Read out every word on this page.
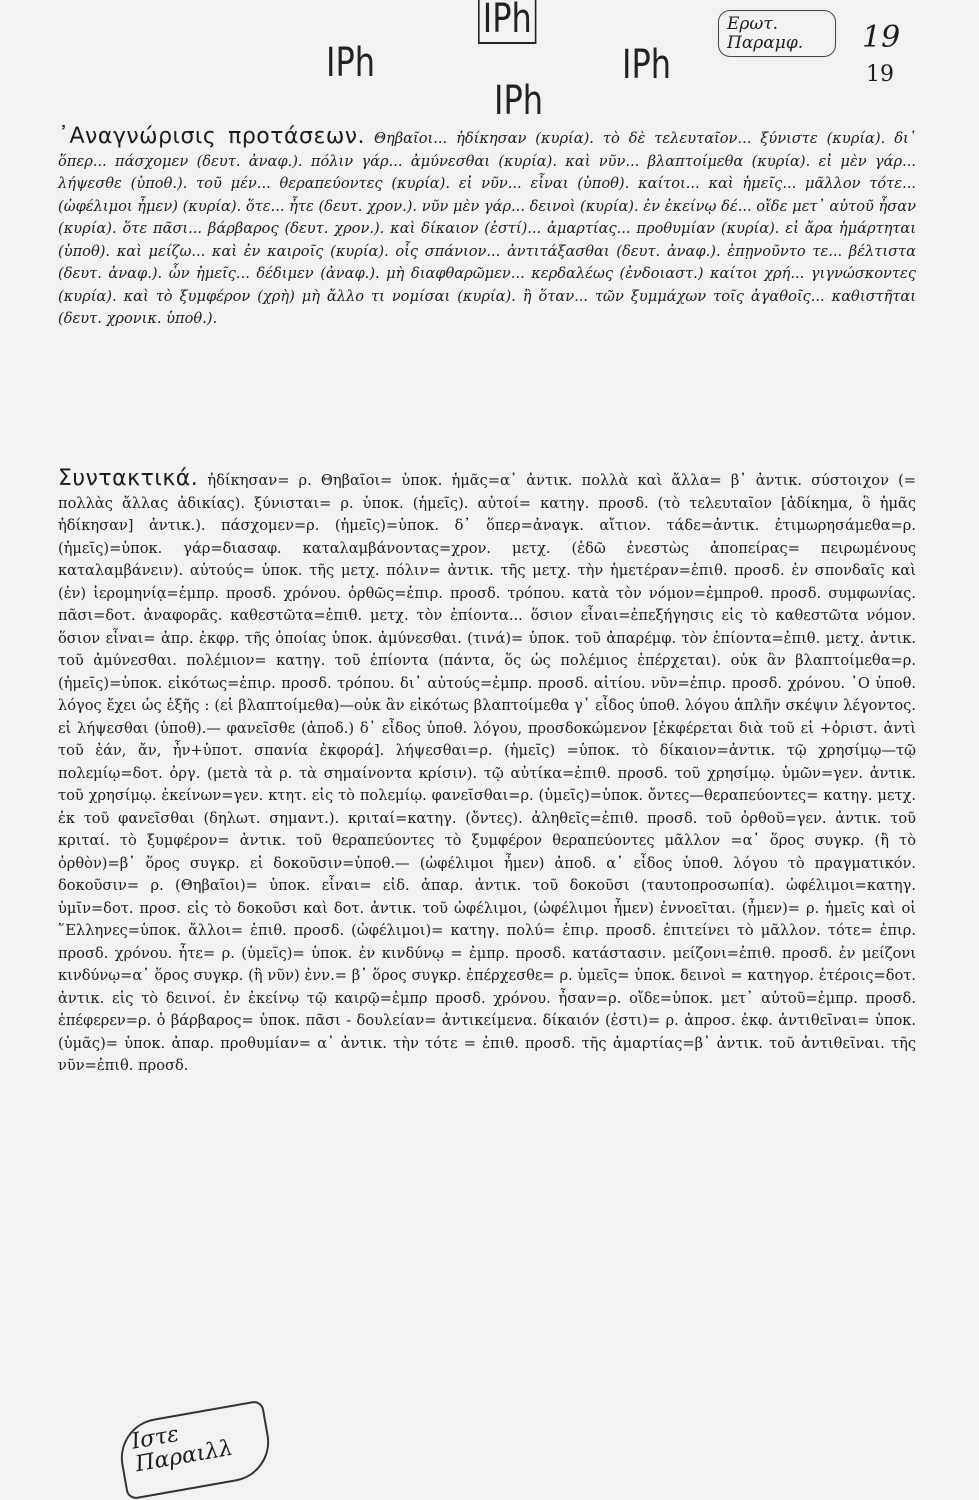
IPh
IPh
IPh
IPh
Ερωτ. Παραμφ.	19
19
᾽Αναγνώρισις προτάσεων. Θηβαῖοι... ἠδίκησαν (κυρία). τὸ δὲ τελευταῖον... ξύνιστε (κυρία). δι᾽ ὅπερ... πάσχομεν (δευτ. ἀναφ.). πόλιν γάρ... ἀμύνεσθαι (κυρία). καὶ νῦν... βλαπτοίμεθα (κυρία). εἰ μὲν γάρ... λήψεσθε (ὑποθ.). τοῦ μέν... θεραπεύοντες (κυρία). εἰ νῦν... εἶναι (ὑποθ). καίτοι... καὶ ἡμεῖς... μᾶλλον τότε... (ὠφέλιμοι ἦμεν) (κυρία). ὅτε... ἦτε (δευτ. χρον.). νῦν μὲν γάρ... δεινοὶ (κυρία). ἐν ἐκείνῳ δέ... οἴδε μετ᾽ αὐτοῦ ἦσαν (κυρία). ὅτε πᾶσι... βάρβαρος (δευτ. χρον.). καὶ δίκαιον (ἐστί)... ἁμαρτίας... προθυμίαν (κυρία). εἰ ἄρα ἡμάρτηται (ὑποθ). καὶ μείζω... καὶ ἐν καιροῖς (κυρία). οἷς σπάνιον... ἀντιτάξασθαι (δευτ. ἀναφ.). ἐπῃνοῦντο τε... βέλτιστα (δευτ. ἀναφ.). ὧν ἡμεῖς... δέδιμεν (ἀναφ.). μὴ διαφθαρῶμεν... κερδαλέως (ἐνδοιαστ.) καίτοι χρή... γιγνώσκοντες (κυρία). καὶ τὸ ξυμφέρον (χρὴ) μὴ ἄλλο τι νομίσαι (κυρία). ἢ ὅταν... τῶν ξυμμάχων τοῖς ἀγαθοῖς... καθιστῆται (δευτ. χρονικ. ὑποθ.).
Συντακτικά. ἠδίκησαν= ρ. Θηβαῖοι= ὑποκ. ἡμᾶς=α᾽ ἀντικ. πολλὰ καὶ ἄλλα= β᾽ ἀντικ. σύστοιχον (= πολλὰς ἄλλας ἀδικίας). ξύνισται= ρ. ὑποκ. (ἡμεῖς). αὐτοί= κατηγ. προσδ. (τὸ τελευταῖον [ἀδίκημα, ὃ ἡμᾶς ἠδίκησαν] ἀντικ.). πάσχομεν=ρ. (ἡμεῖς)=ὑποκ. δ᾽ ὅπερ=ἀναγκ. αἴτιον. τάδε=ἀντικ. ἐτιμωρησάμεθα=ρ. (ἡμεῖς)=ὑποκ. γάρ=διασαφ. καταλαμβάνοντας=χρον. μετχ. (ἐδῶ ἐνεστὼς ἀποπείρας= πειρωμένους καταλαμβάνειν). αὐτούς= ὑποκ. τῆς μετχ. πόλιν= ἀντικ. τῆς μετχ. τὴν ἡμετέραν=ἐπιθ. προσδ. ἐν σπονδαῖς καὶ (ἐν) ἱερομηνίᾳ=ἐμπρ. προσδ. χρόνου. ὀρθῶς=ἐπιρ. προσδ. τρόπου. κατὰ τὸν νόμον=ἐμπροθ. προσδ. συμφωνίας. πᾶσι=δοτ. ἀναφορᾶς. καθεστῶτα=ἐπιθ. μετχ. τὸν ἐπίοντα... ὅσιον εἶναι=ἐπεξήγησις εἰς τὸ καθεστῶτα νόμον. ὅσιον εἶναι= ἀπρ. ἐκφρ. τῆς ὁποίας ὑποκ. ἀμύνεσθαι. (τινά)= ὑποκ. τοῦ ἀπαρέμφ. τὸν ἐπίοντα=ἐπιθ. μετχ. ἀντικ. τοῦ ἀμύνεσθαι. πολέμιον= κατηγ. τοῦ ἐπίοντα (πάντα, ὅς ὡς πολέμιος ἐπέρχεται). οὐκ ἂν βλαπτοίμεθα=ρ. (ἡμεῖς)=ὑποκ. εἰκότως=ἐπιρ. προσδ. τρόπου. δι᾽ αὐτούς=ἐμπρ. προσδ. αἰτίου. νῦν=ἐπιρ. προσδ. χρόνου. ᾽Ο ὑποθ. λόγος ἔχει ὡς ἑξῆς : (εἰ βλαπτοίμεθα)—οὐκ ἂν εἰκότως βλαπτοίμεθα γ᾽ εἶδος ὑποθ. λόγου ἁπλῆν σκέψιν λέγοντος. εἰ λήψεσθαι (ὑποθ).— φανεῖσθε (ἀποδ.) δ᾽ εἶδος ὑποθ. λόγου, προσδοκώμενον [ἐκφέρεται διὰ τοῦ εἰ +ὁριστ. ἀντὶ τοῦ ἐάν, ἄν, ἦν+ὑποτ. σπανία ἐκφορά]. λήψεσθαι=ρ. (ἡμεῖς) =ὑποκ. τὸ δίκαιον=ἀντικ. τῷ χρησίμῳ—τῷ πολεμίῳ=δοτ. ὀργ. (μετὰ τὰ ρ. τὰ σημαίνοντα κρίσιν). τῷ αὐτίκα=ἐπιθ. προσδ. τοῦ χρησίμῳ. ὑμῶν=γεν. ἀντικ. τοῦ χρησίμῳ. ἐκείνων=γεν. κτητ. εἰς τὸ πολεμίῳ. φανεῖσθαι=ρ. (ὑμεῖς)=ὑποκ. ὄντες—θεραπεύοντες= κατηγ. μετχ. ἐκ τοῦ φανεῖσθαι (δηλωτ. σημαντ.). κριταί=κατηγ. (ὄντες). ἀληθεῖς=ἐπιθ. προσδ. τοῦ ὀρθοῦ=γεν. ἀντικ. τοῦ κριταί. τὸ ξυμφέρον= ἀντικ. τοῦ θεραπεύοντες τὸ ξυμφέρον θεραπεύοντες μᾶλλον =α᾽ ὅρος συγκρ. (ἢ τὸ ὀρθὸν)=β᾽ ὅρος συγκρ. εἰ δοκοῦσιν=ὑποθ.— (ὠφέλιμοι ἦμεν) ἀποδ. α᾽ εἶδος ὑποθ. λόγου τὸ πραγματικόν. δοκοῦσιν= ρ. (Θηβαῖοι)= ὑποκ. εἶναι= εἰδ. ἀπαρ. ἀντικ. τοῦ δοκοῦσι (ταυτοπροσωπία). ὠφέλιμοι=κατηγ. ὑμῖν=δοτ. προσ. εἰς τὸ δοκοῦσι καὶ δοτ. ἀντικ. τοῦ ὠφέλιμοι, (ὠφέλιμοι ἦμεν) ἐννοεῖται. (ἦμεν)= ρ. ἡμεῖς καὶ οἱ ῞Ελληνες=ὑποκ. ἄλλοι= ἐπιθ. προσδ. (ὠφέλιμοι)= κατηγ. πολύ= ἐπιρ. προσδ. ἐπιτείνει τὸ μᾶλλον. τότε= ἐπιρ. προσδ. χρόνου. ἦτε= ρ. (ὑμεῖς)= ὑποκ. ἐν κινδύνῳ = ἐμπρ. προσδ. κατάστασιν. μείζονι=ἐπιθ. προσδ. ἐν μείζονι κινδύνῳ=α᾽ ὅρος συγκρ. (ἢ νῦν) ἐνν.= β᾽ ὅρος συγκρ. ἐπέρχεσθε= ρ. ὑμεῖς= ὑποκ. δεινοὶ = κατηγορ. ἑτέροις=δοτ. ἀντικ. εἰς τὸ δεινοί. ἐν ἐκείνῳ τῷ καιρῷ=ἐμπρ προσδ. χρόνου. ἦσαν=ρ. οἴδε=ὑποκ. μετ᾽ αὐτοῦ=ἐμπρ. προσδ. ἐπέφερεν=ρ. ὁ βάρβαρος= ὑποκ. πᾶσι - δουλείαν= ἀντικείμενα. δίκαιόν (ἐστι)= ρ. ἀπροσ. ἐκφ. ἀντιθεῖναι= ὑποκ. (ὑμᾶς)= ὑποκ. ἀπαρ. προθυμίαν= α᾽ ἀντικ. τὴν τότε = ἐπιθ. προσδ. τῆς ἁμαρτίας=β᾽ ἀντικ. τοῦ ἀντιθεῖναι. τῆς νῦν=ἐπιθ. προσδ.
Ιστε Παραιλλ
